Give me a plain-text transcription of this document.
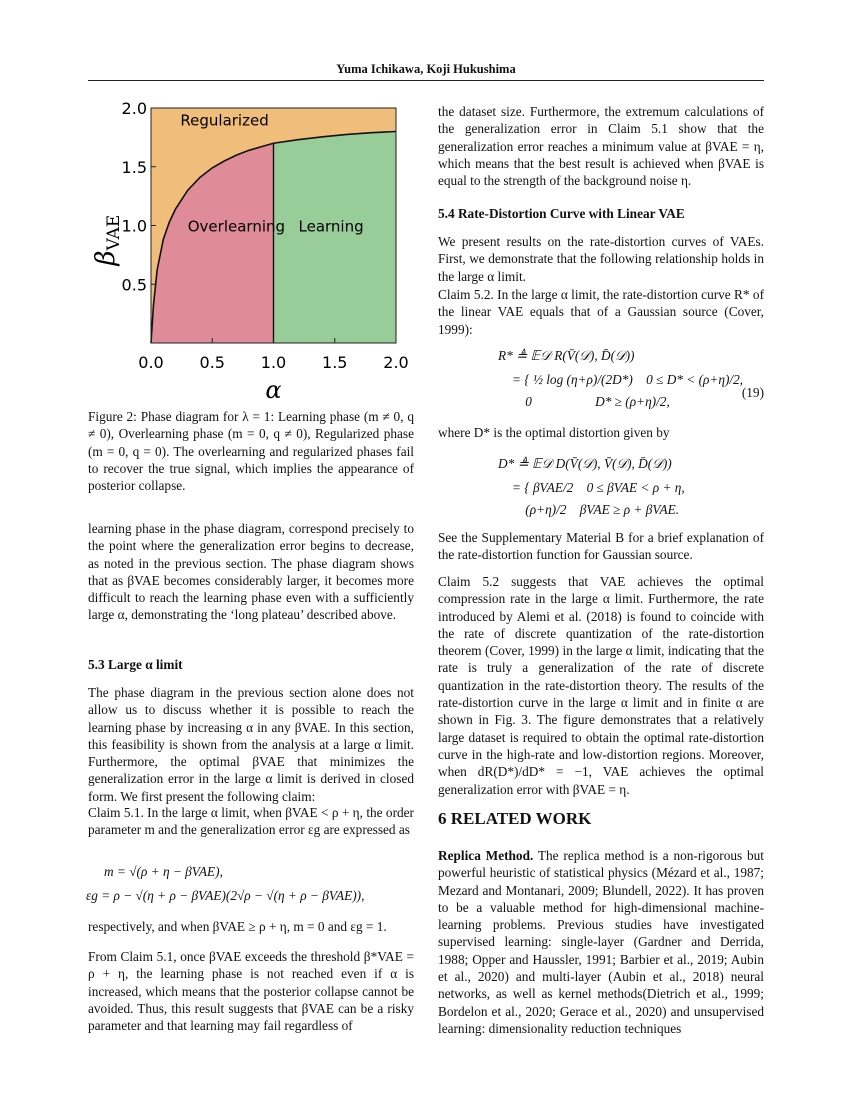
Yuma Ichikawa, Koji Hukushima
0.0 0.5 1.0 1.5 2.0
0.5
1.0
1.5
2.0
Regularized
Overlearning Learning
α
βVAE
Figure 2: Phase diagram for λ = 1: Learning phase (m ≠ 0, q ≠ 0), Overlearning phase (m = 0, q ≠ 0), Regularized phase (m = 0, q = 0). The overlearning and regularized phases fail to recover the true signal, which implies the appearance of posterior collapse.
learning phase in the phase diagram, correspond precisely to the point where the generalization error begins to decrease, as noted in the previous section. The phase diagram shows that as βVAE becomes considerably larger, it becomes more difficult to reach the learning phase even with a sufficiently large α, demonstrating the ‘long plateau’ described above.
5.3 Large α limit
The phase diagram in the previous section alone does not allow us to discuss whether it is possible to reach the learning phase by increasing α in any βVAE. In this section, this feasibility is shown from the analysis at a large α limit. Furthermore, the optimal βVAE that minimizes the generalization error in the large α limit is derived in closed form. We first present the following claim:
Claim 5.1. In the large α limit, when βVAE < ρ + η, the order parameter m and the generalization error εg are expressed as
m = √(ρ + η − βVAE),
εg = ρ − √(η + ρ − βVAE)(2√ρ − √(η + ρ − βVAE)),
respectively, and when βVAE ≥ ρ + η, m = 0 and εg = 1.
From Claim 5.1, once βVAE exceeds the threshold β*VAE = ρ + η, the learning phase is not reached even if α is increased, which means that the posterior collapse cannot be avoided. Thus, this result suggests that βVAE can be a risky parameter and that learning may fail regardless of
the dataset size. Furthermore, the extremum calculations of the generalization error in Claim 5.1 show that the generalization error reaches a minimum value at βVAE = η, which means that the best result is achieved when βVAE is equal to the strength of the background noise η.
5.4 Rate-Distortion Curve with Linear VAE
We present results on the rate-distortion curves of VAEs. First, we demonstrate that the following relationship holds in the large α limit.
Claim 5.2. In the large α limit, the rate-distortion curve R* of the linear VAE equals that of a Gaussian source (Cover, 1999):
R* ≜ 𝔼𝒟 R(V̄(𝒟), D̄(𝒟))
= { ½ log (η+ρ)/(2D*)    0 ≤ D* < (ρ+η)/2,
0                   D* ≥ (ρ+η)/2,
(19)
where D* is the optimal distortion given by
D* ≜ 𝔼𝒟 D(V̄(𝒟), V̄(𝒟), D̄(𝒟))
= { βVAE/2    0 ≤ βVAE < ρ + η,
(ρ+η)/2    βVAE ≥ ρ + βVAE.
See the Supplementary Material B for a brief explanation of the rate-distortion function for Gaussian source.
Claim 5.2 suggests that VAE achieves the optimal compression rate in the large α limit. Furthermore, the rate introduced by Alemi et al. (2018) is found to coincide with the rate of discrete quantization of the rate-distortion theorem (Cover, 1999) in the large α limit, indicating that the rate is truly a generalization of the rate of discrete quantization in the rate-distortion theory. The results of the rate-distortion curve in the large α limit and in finite α are shown in Fig. 3. The figure demonstrates that a relatively large dataset is required to obtain the optimal rate-distortion curve in the high-rate and low-distortion regions. Moreover, when dR(D*)/dD* = −1, VAE achieves the optimal generalization error with βVAE = η.
6 RELATED WORK
Replica Method. The replica method is a non-rigorous but powerful heuristic of statistical physics (Mézard et al., 1987; Mezard and Montanari, 2009; Blundell, 2022). It has proven to be a valuable method for high-dimensional machine-learning problems. Previous studies have investigated supervised learning: single-layer (Gardner and Derrida, 1988; Opper and Haussler, 1991; Barbier et al., 2019; Aubin et al., 2020) and multi-layer (Aubin et al., 2018) neural networks, as well as kernel methods(Dietrich et al., 1999; Bordelon et al., 2020; Gerace et al., 2020) and unsupervised learning: dimensionality reduction techniques
